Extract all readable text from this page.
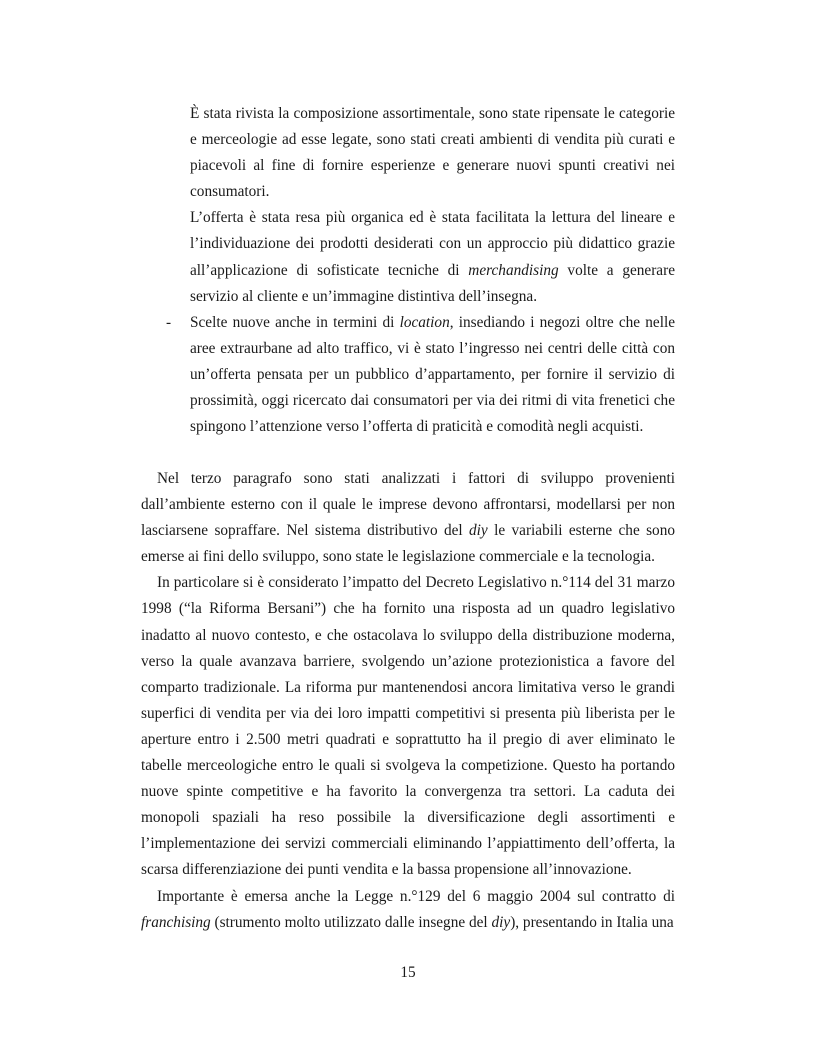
È stata rivista la composizione assortimentale, sono state ripensate le categorie e merceologie ad esse legate, sono stati creati ambienti di vendita più curati e piacevoli al fine di fornire esperienze e generare nuovi spunti creativi nei consumatori.

L’offerta è stata resa più organica ed è stata facilitata la lettura del lineare e l’individuazione dei prodotti desiderati con un approccio più didattico grazie all’applicazione di sofisticate tecniche di merchandising volte a generare servizio al cliente e un’immagine distintiva dell’insegna.

- Scelte nuove anche in termini di location, insediando i negozi oltre che nelle aree extraurbane ad alto traffico, vi è stato l’ingresso nei centri delle città con un’offerta pensata per un pubblico d’appartamento, per fornire il servizio di prossimità, oggi ricercato dai consumatori per via dei ritmi di vita frenetici che spingono l’attenzione verso l’offerta di praticità e comodità negli acquisti.

Nel terzo paragrafo sono stati analizzati i fattori di sviluppo provenienti dall’ambiente esterno con il quale le imprese devono affrontarsi, modellarsi per non lasciarsene sopraffare. Nel sistema distributivo del diy le variabili esterne che sono emerse ai fini dello sviluppo, sono state le legislazione commerciale e la tecnologia.

In particolare si è considerato l’impatto del Decreto Legislativo n.°114 del 31 marzo 1998 (“la Riforma Bersani”) che ha fornito una risposta ad un quadro legislativo inadatto al nuovo contesto, e che ostacolava lo sviluppo della distribuzione moderna, verso la quale avanzava barriere, svolgendo un’azione protezionistica a favore del comparto tradizionale. La riforma pur mantenendosi ancora limitativa verso le grandi superfici di vendita per via dei loro impatti competitivi si presenta più liberista per le aperture entro i 2.500 metri quadrati e soprattutto ha il pregio di aver eliminato le tabelle merceologiche entro le quali si svolgeva la competizione. Questo ha portando nuove spinte competitive e ha favorito la convergenza tra settori. La caduta dei monopoli spaziali ha reso possibile la diversificazione degli assortimenti e l’implementazione dei servizi commerciali eliminando l’appiattimento dell’offerta, la scarsa differenziazione dei punti vendita e la bassa propensione all’innovazione.

Importante è emersa anche la Legge n.°129 del 6 maggio 2004 sul contratto di franchising (strumento molto utilizzato dalle insegne del diy), presentando in Italia una

15
